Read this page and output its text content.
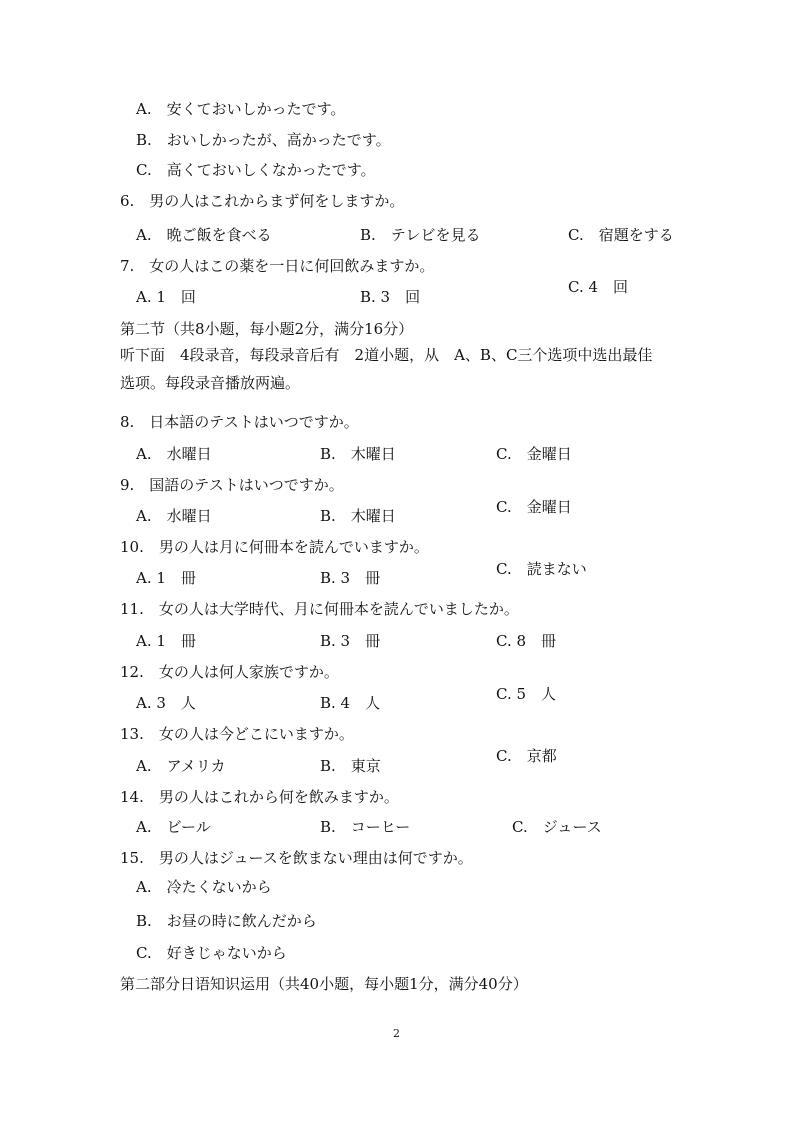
A.　安くておいしかったです。
B.　おいしかったが、高かったです。
C.　高くておいしくなかったです。
6.　男の人はこれからまず何をしますか。
A.　晩ご飯を食べる	B.　テレビを見る	C.　宿題をする
7.　女の人はこの薬を一日に何回飲みますか。
A. 1　回	B. 3　回
C. 4　回
第二节（共8小题，每小题2分，满分16分）
听下面　4段录音，每段录音后有　2道小题，从　A、B、C三个选项中选出最佳
选项。每段录音播放两遍。
8.　日本語のテストはいつですか。
A.　水曜日	B.　木曜日	C.　金曜日
9.　国語のテストはいつですか。
A.　水曜日	B.　木曜日	C.　金曜日
10.　男の人は月に何冊本を読んでいますか。
A. 1　冊	B. 3　冊	C.　読まない
11.　女の人は大学時代、月に何冊本を読んでいましたか。
A. 1　冊	B. 3　冊	C. 8　冊
12.　女の人は何人家族ですか。
A. 3　人	B. 4　人	C. 5　人
13.　女の人は今どこにいますか。
A.　アメリカ	B.　東京
C.　京都
14.　男の人はこれから何を飲みますか。
A.　ビール	B.　コーヒー	C.　ジュース
15.　男の人はジュースを飲まない理由は何ですか。
A.　冷たくないから
B.　お昼の時に飲んだから
C.　好きじゃないから
第二部分日语知识运用（共40小题，每小题1分，满分40分）
2
